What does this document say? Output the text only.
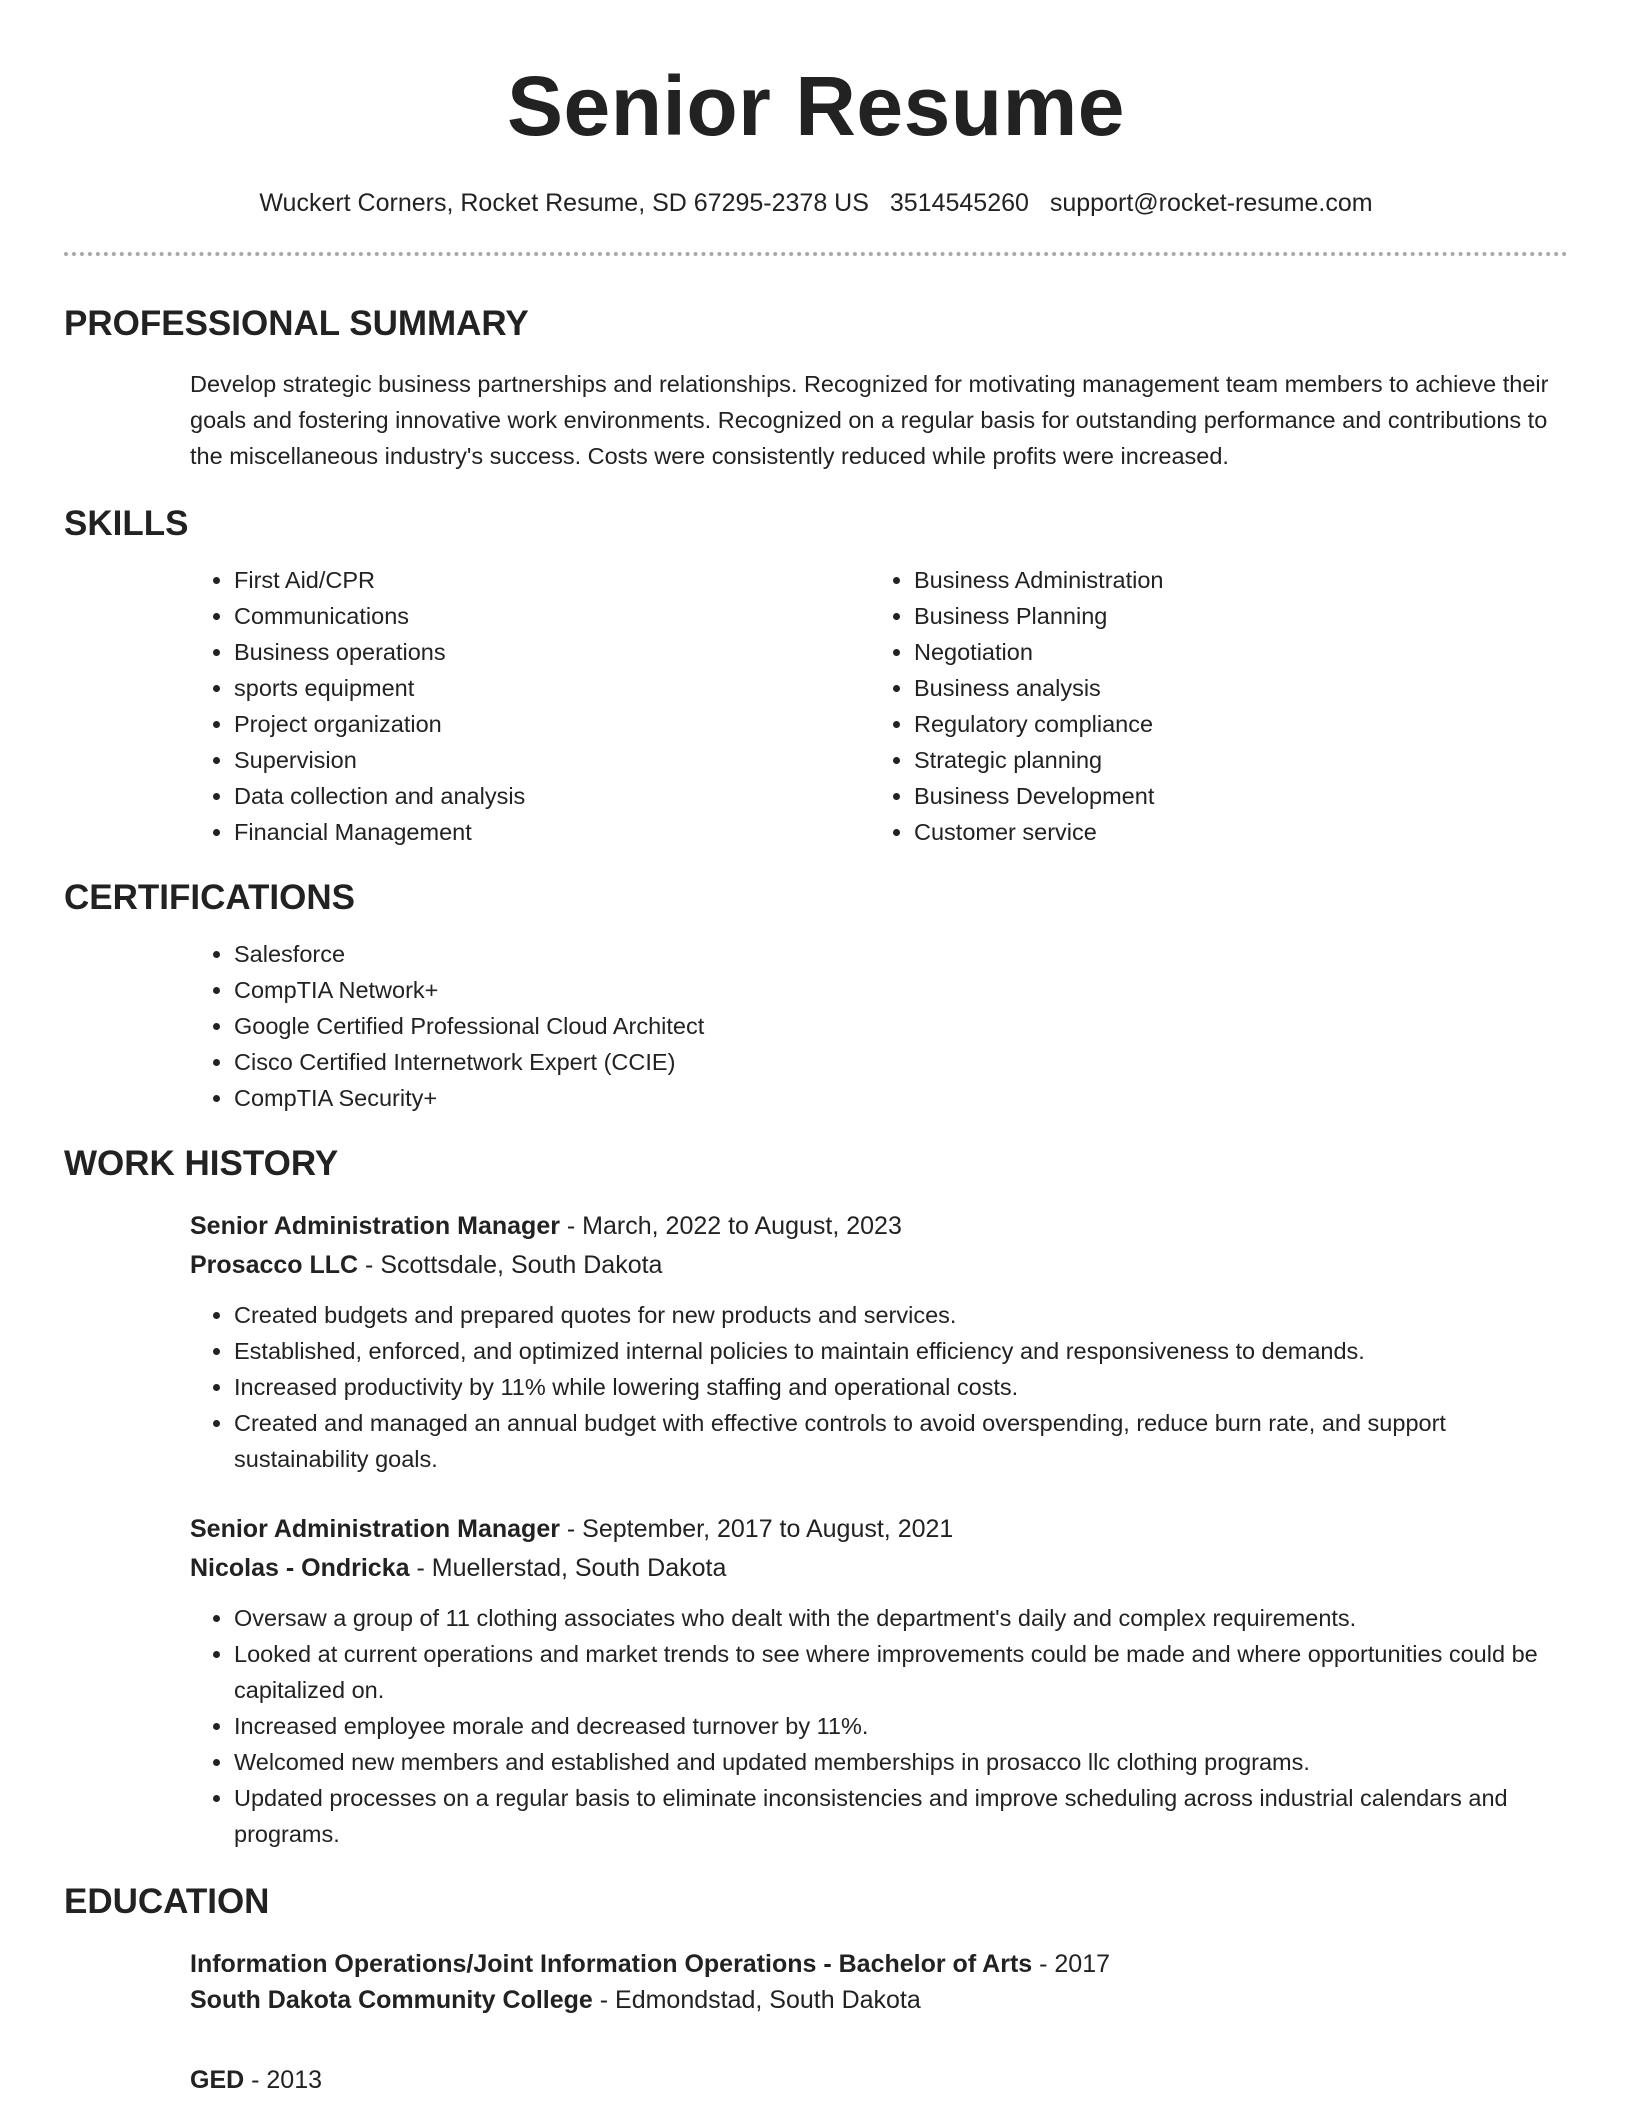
Senior Resume
Wuckert Corners, Rocket Resume, SD 67295-2378 US 3514545260 support@rocket-resume.com
PROFESSIONAL SUMMARY
Develop strategic business partnerships and relationships. Recognized for motivating management team members to achieve their goals and fostering innovative work environments. Recognized on a regular basis for outstanding performance and contributions to the miscellaneous industry's success. Costs were consistently reduced while profits were increased.
SKILLS
• First Aid/CPR
• Communications
• Business operations
• sports equipment
• Project organization
• Supervision
• Data collection and analysis
• Financial Management
• Business Administration
• Business Planning
• Negotiation
• Business analysis
• Regulatory compliance
• Strategic planning
• Business Development
• Customer service
CERTIFICATIONS
• Salesforce
• CompTIA Network+
• Google Certified Professional Cloud Architect
• Cisco Certified Internetwork Expert (CCIE)
• CompTIA Security+
WORK HISTORY
Senior Administration Manager - March, 2022 to August, 2023
Prosacco LLC - Scottsdale, South Dakota
• Created budgets and prepared quotes for new products and services.
• Established, enforced, and optimized internal policies to maintain efficiency and responsiveness to demands.
• Increased productivity by 11% while lowering staffing and operational costs.
• Created and managed an annual budget with effective controls to avoid overspending, reduce burn rate, and support sustainability goals.
Senior Administration Manager - September, 2017 to August, 2021
Nicolas - Ondricka - Muellerstad, South Dakota
• Oversaw a group of 11 clothing associates who dealt with the department's daily and complex requirements.
• Looked at current operations and market trends to see where improvements could be made and where opportunities could be capitalized on.
• Increased employee morale and decreased turnover by 11%.
• Welcomed new members and established and updated memberships in prosacco llc clothing programs.
• Updated processes on a regular basis to eliminate inconsistencies and improve scheduling across industrial calendars and programs.
EDUCATION
Information Operations/Joint Information Operations - Bachelor of Arts - 2017
South Dakota Community College - Edmondstad, South Dakota
GED - 2013
